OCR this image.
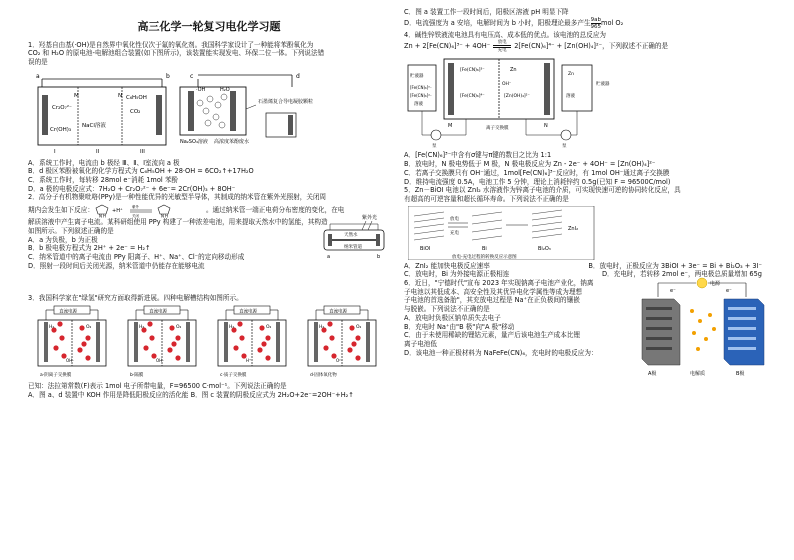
高三化学一轮复习电化学习题

1．羟基自由基(·OH)是自然界中氧化性仅次于氟的氧化剂。我国科学家设计了一种能将苯酚氧化为

CO₂ 和 H₂O 的原电池-电解池组合装置(如下图所示)，该装置能实现发电、环保二位一体。下列说法错

误的是

a	b	c	d
Cr₂O₇²⁻
Cr(OH)₃
NaCl溶液
C₆H₅OH
CO₂
M	N
I	II	III
·OH	H₂O
Na₂SO₄溶液 高浓度苯酚废水
石墨烯复合导电凝胶颗粒

A．系统工作时，电流由 b 极经 Ⅲ、Ⅱ、Ⅰ室流向 a 极

B．d 极区苯酚被氧化的化学方程式为 C₆H₅OH + 28·OH = 6CO₂↑+17H₂O

C．系统工作时，每转移 28mol e⁻消耗 1mol 苯酚

D．a 极的电极反应式：7H₂O + Cr₂O₇²⁻ + 6e⁻= 2Cr(OH)₃ + 8OH⁻

2．高分子有机物聚吡咯(PPy)是一种性能优异的光敏型半导体，其制成的纳米管在紫外光照射，关闭周

期内会发生如下反应：
N H
+H⁺
紫外
关闭	N H
。通过纳米管一端正电荷分布密度的变化，在电

解质溶液中产生离子电流。某科研组使用 PPy 构建了一种浓差电池，用来提取天然水中的氢能，其构造

如图所示。下列叙述正确的是

A．a 为负极，b 为正极

B．b 极电极方程式为 2H⁺ + 2e⁻ = H₂↑

C．纳米管道中的离子电流由 PPy 阳离子、H⁺、Na⁺、Cl⁻的定向移动形成

D．照射一段时间后关闭光源，纳米管道中仍能存在能够电流

紫外光
天然水
纳米管道
a	b

3．我国科学家在"绿氢"研究方面取得新进展。四种电解槽结构如图所示。

直流电源
H₂	O₂
OH⁻
a·阴离子交换膜
直流电源
H₂	O₂
OH⁻
b·隔膜
直流电源
H₂	O₂
H⁺
c·质子交换膜
直流电源
H₂	O₂
O²⁻
d·固体氧化物

已知：法拉第常数(F)表示 1mol 电子所带电量，F=96500 C·mol⁻¹。下列说法正确的是

A．图 a、d 装置中 KOH 作用是降低阳极反应的活化能 B．图 c 装置的阴极反应式为 2H₂O+2e⁻=2OH⁻+H₂↑

C．图 a 装置工作一段时间后，阳极区溶液 pH 明显下降

D．电流强度为 a 安培，电解时间为 b 小时，阳极理论最多产生 $\frac{9ab}{965}$ mol O₂

4．碱性锌铁液流电池具有电压高、成本低的优点。该电池的总反应为

Zn + 2[Fe(CN)₆]³⁻ + 4OH⁻ 放电
充电
2[Fe(CN)₆]⁴⁻ + [Zn(OH)₄]²⁻，下列叙述不正确的是

贮液器
[Fe(CN)₆]³⁻
[Fe(CN)₆]⁴⁻
溶液
[Fe(CN)₆]³⁻
[Fe(CN)₆]⁴⁻
Zn
[Zn(OH)₄]²⁻
OH⁻
M	N
离子交换膜
Zn
溶液
贮液器
泵	泵

A．[Fe(CN)₆]³⁻中含有σ键与π键的数目之比为 1:1

B．放电时，N 极电势低于 M 极，N 极电极反应为 Zn - 2e⁻ + 4OH⁻ = [Zn(OH)₄]²⁻

C．若离子交换膜只有 OH⁻通过，1mol[Fe(CN)₆]³⁻反应时，有 1mol OH⁻通过离子交换膜

D．维持电流强度 0.5A，电池工作 5 分钟，理论上消耗锌约 0.5g(已知 F = 96500C/mol)

5．Zn－BiOI 电池以 ZnI₂ 水溶液作为锌离子电池的介质，可实现快速可逆的协同转化反应，具

有超高的可逆容量和超长循环寿命。下列说法不正确的是

BiOI	Bi	Bi₂O₃
ZnI₂
放电
充电
放电-充电过程的转换反应示意图
A．ZnI₂ 能加快电极反应速率	B．放电时，正极反应为 3BiOI + 3e⁻ = Bi + Bi₂O₃ + 3I⁻
C．放电时，Bi 为外接电源正极相连	D．充电时，若转移 2mol e⁻，两电极总质量增加 65g

6．近日，"宁德时代"宣布 2023 年实现钠离子电池产业化，钠离

子电池以其低成本、高安全性及其优异电化学属性等成为理想

子电池的首选备胎"，其充放电过程是 Na⁺在正负极间的镶嵌

与脱嵌。下列说法不正确的是

A．放电时负极区钠单质失去电子

B．充电时 Na⁺由"B 极"向"A 极"移动

C．由于未使用稀缺的锂钴元素，量产后该电池生产成本比锂

离子电池低

D．该电池一种正极材料为 NaFeFe(CN)₆，充电时的电极反应为：

电源
e⁻	e⁻
A极	电解质	B极
